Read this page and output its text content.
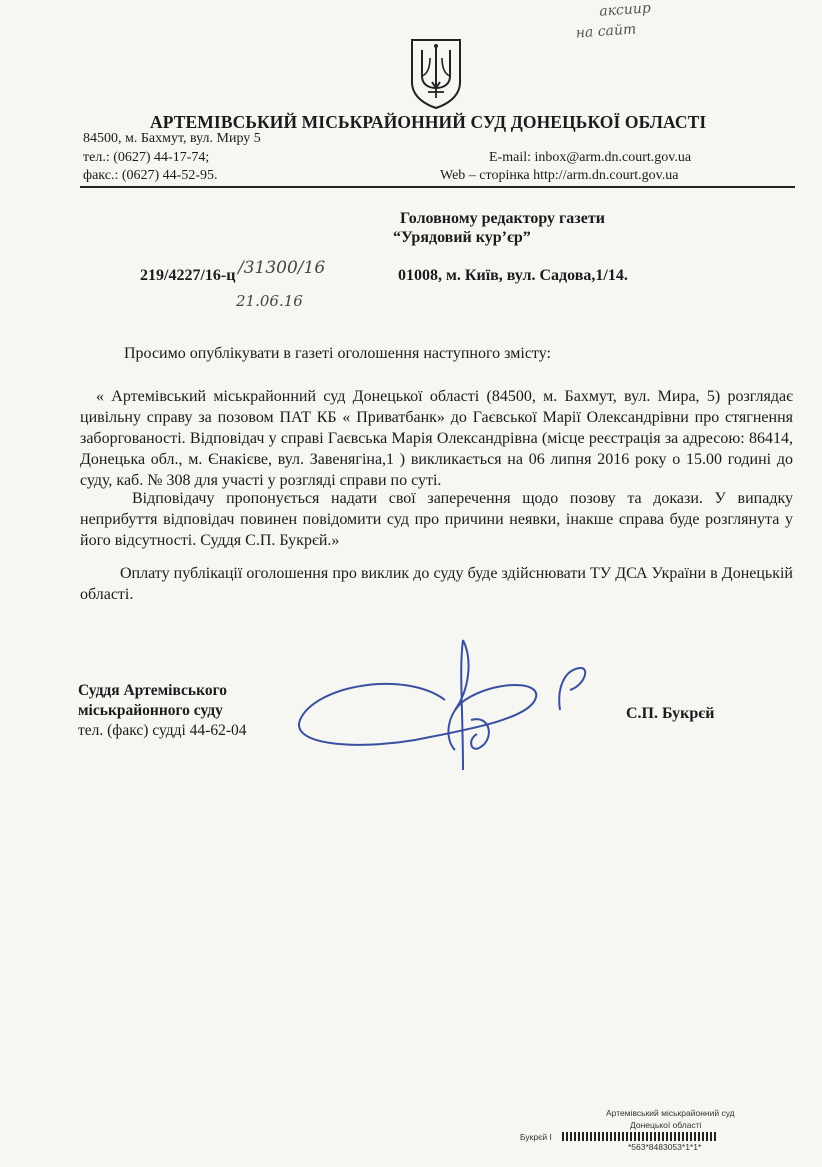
аксиир
на сайт
АРТЕМІВСЬКИЙ МІСЬКРАЙОННИЙ СУД ДОНЕЦЬКОЇ ОБЛАСТІ
84500, м. Бахмут, вул. Миру 5
тел.: (0627) 44-17-74;
факс.: (0627) 44-52-95.
E-mail: inbox@arm.dn.court.gov.ua
Web – сторінка http://arm.dn.court.gov.ua
Головному редактору газети
“Урядовий кур’єр”
219/4227/16-ц /31300/16
21.06.16
01008, м. Київ, вул. Садова,1/14.
Просимо опублікувати в газеті оголошення наступного змісту:
« Артемівський міськрайонний суд Донецької області (84500, м. Бахмут, вул. Мира, 5) розглядає цивільну справу за позовом ПАТ КБ « Приватбанк» до Гаєвської Марії Олександрівни про стягнення заборгованості. Відповідач у справі Гаєвська Марія Олександрівна (місце реєстрація за адресою: 86414, Донецька обл., м. Єнакієве, вул. Завенягіна,1 ) викликається на 06 липня 2016 року о 15.00 годині до суду, каб. № 308 для участі у розгляді справи по суті.
Відповідачу пропонується надати свої заперечення щодо позову та докази. У випадку неприбуття відповідач повинен повідомити суд про причини неявки, інакше справа буде розглянута у його відсутності. Суддя С.П. Букрєй.»
Оплату публікації оголошення про виклик до суду буде здійснювати ТУ ДСА України в Донецькій області.
Суддя Артемівського
міськрайонного суду
тел. (факс) судді 44-62-04
С.П. Букрєй
Артемівський міськрайонний суд
Донецької області
Букрєй І
*563*8483053*1*1*
